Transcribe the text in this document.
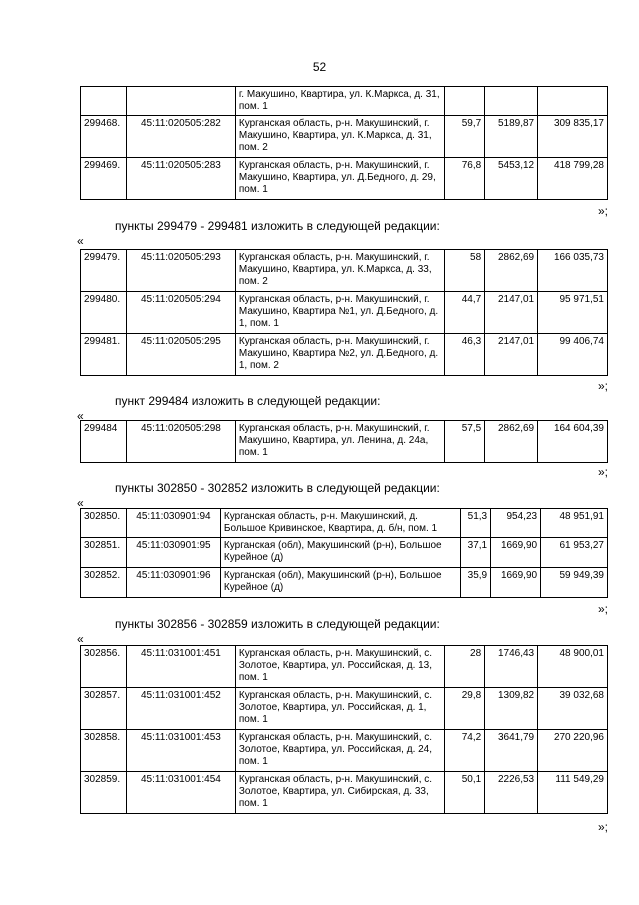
52
		г. Макушино, Квартира, ул. К.Маркса, д. 31, пом. 1			
299468.	45:11:020505:282	Курганская область, р-н. Макушинский, г. Макушино, Квартира, ул. К.Маркса, д. 31, пом. 2	59,7	5189,87	309 835,17
299469.	45:11:020505:283	Курганская область, р-н. Макушинский, г. Макушино, Квартира, ул. Д.Бедного, д. 29, пом. 1	76,8	5453,12	418 799,28
»;
пункты 299479 - 299481 изложить в следующей редакции:
«
299479.	45:11:020505:293	Курганская область, р-н. Макушинский, г. Макушино, Квартира, ул. К.Маркса, д. 33, пом. 2	58	2862,69	166 035,73
299480.	45:11:020505:294	Курганская область, р-н. Макушинский, г. Макушино, Квартира №1, ул. Д.Бедного, д. 1, пом. 1	44,7	2147,01	95 971,51
299481.	45:11:020505:295	Курганская область, р-н. Макушинский, г. Макушино, Квартира №2, ул. Д.Бедного, д. 1, пом. 2	46,3	2147,01	99 406,74
»;
пункт 299484 изложить в следующей редакции:
«
299484	45:11:020505:298	Курганская область, р-н. Макушинский, г. Макушино, Квартира, ул. Ленина, д. 24а, пом. 1	57,5	2862,69	164 604,39
»;
пункты 302850 - 302852 изложить в следующей редакции:
«
302850.	45:11:030901:94	Курганская область, р-н. Макушинский, д. Большое Кривинское, Квартира, д. б/н, пом. 1	51,3	954,23	48 951,91
302851.	45:11:030901:95	Курганская (обл), Макушинский (р-н), Большое Курейное (д)	37,1	1669,90	61 953,27
302852.	45:11:030901:96	Курганская (обл), Макушинский (р-н), Большое Курейное (д)	35,9	1669,90	59 949,39
»;
пункты 302856 - 302859 изложить в следующей редакции:
«
302856.	45:11:031001:451	Курганская область, р-н. Макушинский, с. Золотое, Квартира, ул. Российская, д. 13, пом. 1	28	1746,43	48 900,01
302857.	45:11:031001:452	Курганская область, р-н. Макушинский, с. Золотое, Квартира, ул. Российская, д. 1, пом. 1	29,8	1309,82	39 032,68
302858.	45:11:031001:453	Курганская область, р-н. Макушинский, с. Золотое, Квартира, ул. Российская, д. 24, пом. 1	74,2	3641,79	270 220,96
302859.	45:11:031001:454	Курганская область, р-н. Макушинский, с. Золотое, Квартира, ул. Сибирская, д. 33, пом. 1	50,1	2226,53	111 549,29
»;
